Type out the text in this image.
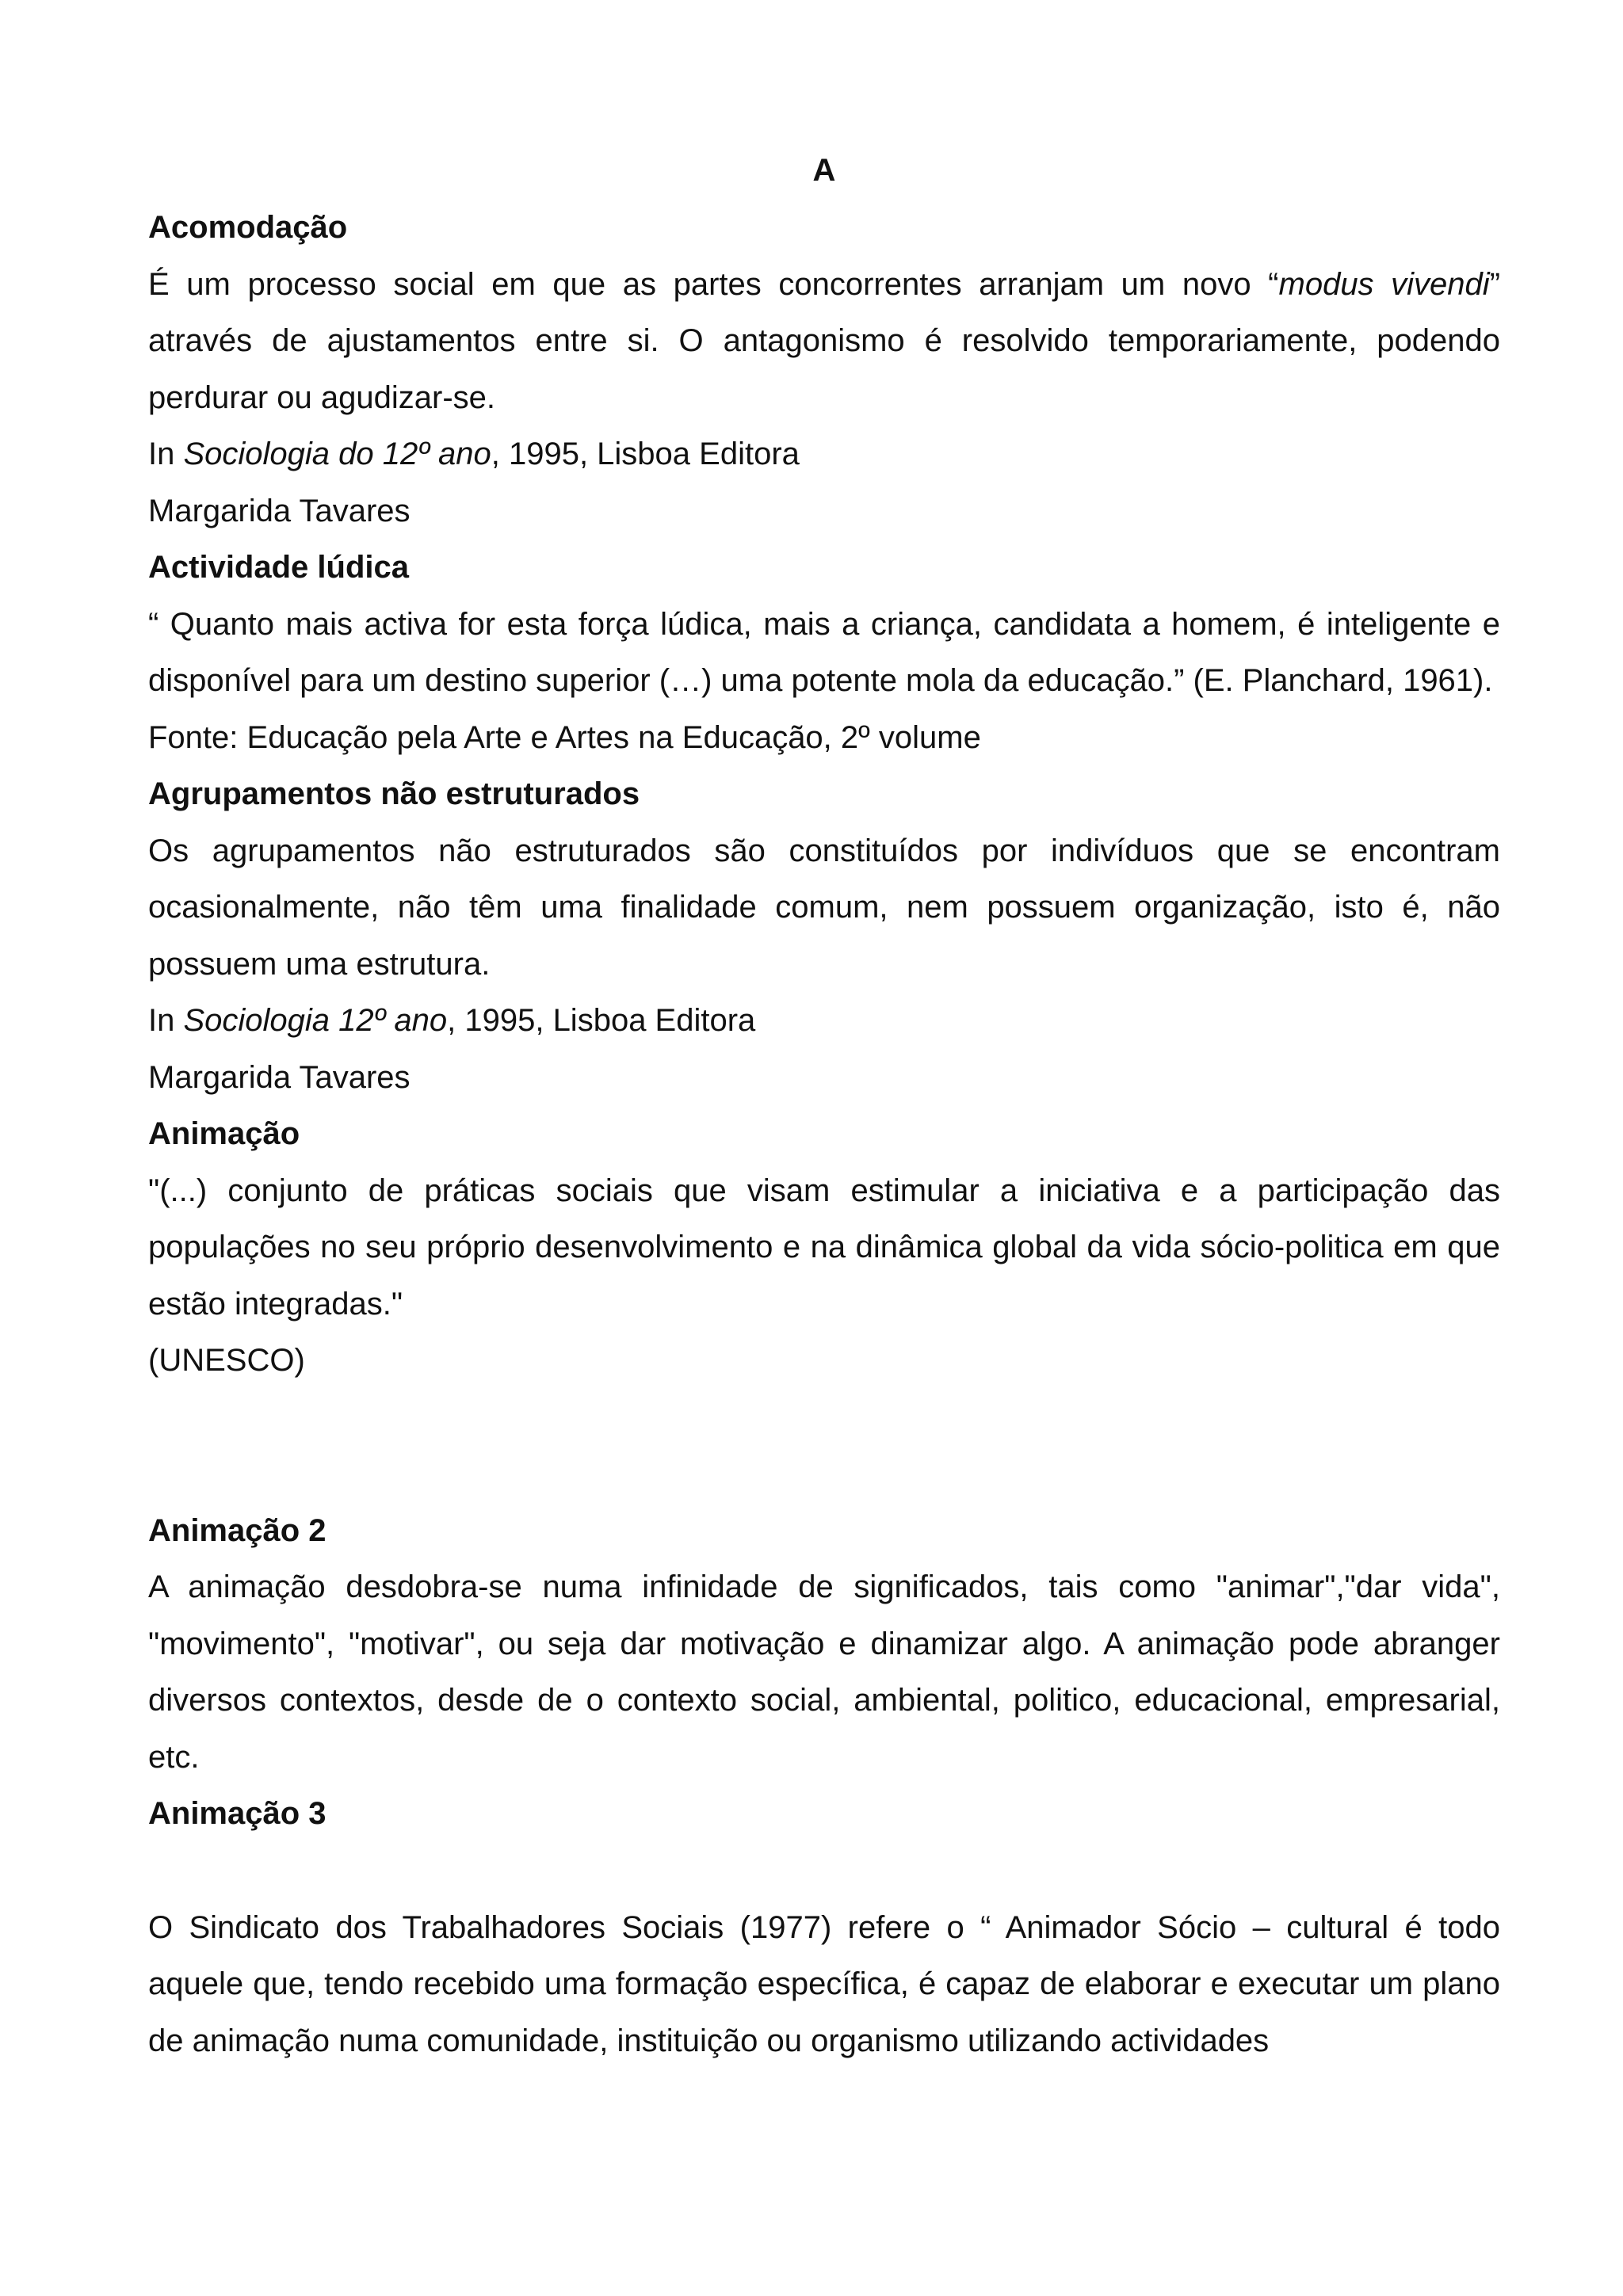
A

Acomodação

É um processo social em que as partes concorrentes arranjam um novo “modus vivendi” através de ajustamentos entre si. O antagonismo é resolvido temporariamente, podendo perdurar ou agudizar-se.

In Sociologia do 12º ano, 1995, Lisboa Editora

Margarida Tavares

Actividade lúdica

“ Quanto mais activa for esta força lúdica, mais a criança, candidata a homem, é inteligente e disponível para um destino superior (…) uma potente mola da educação.” (E. Planchard, 1961).

Fonte: Educação pela Arte e Artes na Educação, 2º volume

Agrupamentos não estruturados

Os agrupamentos não estruturados são constituídos por indivíduos que se encontram ocasionalmente, não têm uma finalidade comum, nem possuem organização, isto é, não possuem uma estrutura.

In Sociologia 12º ano, 1995, Lisboa Editora

Margarida Tavares

Animação

"(...) conjunto de práticas sociais que visam estimular a iniciativa e a participação das populações no seu próprio desenvolvimento e na dinâmica global da vida sócio-politica em que estão integradas."

(UNESCO)

Animação 2

A animação desdobra-se numa infinidade de significados, tais como "animar","dar vida", "movimento", "motivar", ou seja dar motivação e dinamizar algo. A animação pode abranger diversos contextos, desde de o contexto social, ambiental, politico, educacional, empresarial, etc.

Animação 3

O Sindicato dos Trabalhadores Sociais (1977) refere o “ Animador Sócio – cultural é todo aquele que, tendo recebido uma formação específica, é capaz de elaborar e executar um plano de animação numa comunidade, instituição ou organismo utilizando actividades
